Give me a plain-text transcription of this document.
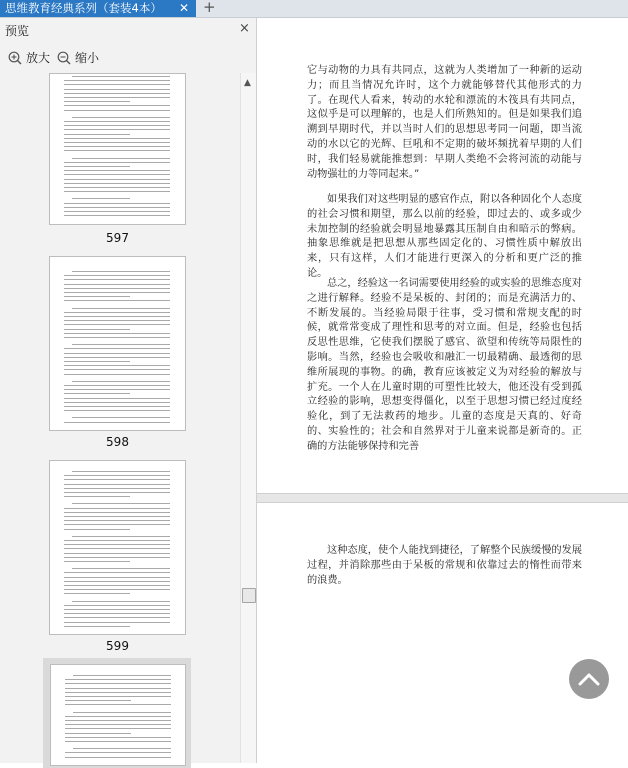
思维教育经典系列（套装4本） ✕ +
预览	×
放大 缩小
597
598
599
▲

它与动物的力具有共同点，这就为人类增加了一种新的运动力；而且当情况允许时，这个力就能够替代其他形式的力了。在现代人看来，转动的水轮和漂流的木筏具有共同点，这似乎是可以理解的，也是人们所熟知的。但是如果我们追溯到早期时代，并以当时人们的思想思考同一问题，即当流动的水以它的光辉、巨吼和不定期的破坏频扰着早期的人们时，我们轻易就能推想到：早期人类绝不会将河流的动能与动物强壮的力等同起来。”

如果我们对这些明显的感官作点，附以各种固化个人态度的社会习惯和期望，那么以前的经验，即过去的、或多或少未加控制的经验就会明显地暴露其压制自由和暗示的弊病。抽象思维就是把思想从那些固定化的、习惯性质中解放出来，只有这样，人们才能进行更深入的分析和更广泛的推论。

总之，经验这一名词需要使用经验的或实验的思维态度对之进行解释。经验不是呆板的、封闭的；而是充满活力的、不断发展的。当经验局限于往事，受习惯和常规支配的时候，就常常变成了理性和思考的对立面。但是，经验也包括反思性思维，它使我们摆脱了感官、欲望和传统等局限性的影响。当然，经验也会吸收和融汇一切最精确、最透彻的思维所展现的事物。的确，教育应该被定义为对经验的解放与扩充。一个人在儿童时期的可塑性比较大，他还没有受到孤立经验的影响，思想变得僵化，以至于思想习惯已经过度经验化，到了无法救药的地步。儿童的态度是天真的、好奇的、实验性的；社会和自然界对于儿童来说都是新奇的。正确的方法能够保持和完善

这种态度，使个人能找到捷径，了解整个民族缓慢的发展过程，并消除那些由于呆板的常规和依靠过去的惰性而带来的浪费。
